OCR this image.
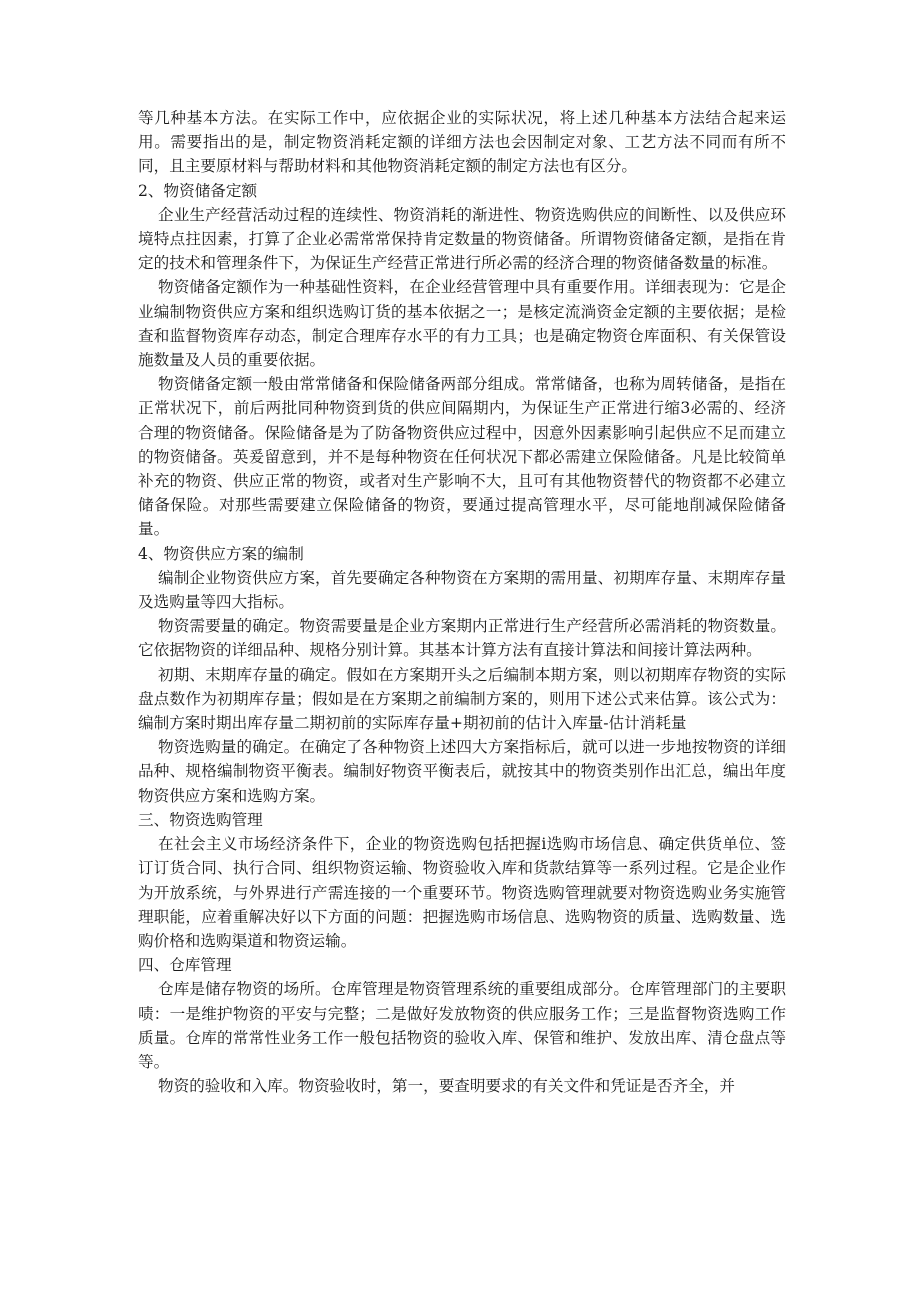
等几种基本方法。在实际工作中，应依据企业的实际状况，将上述几种基本方法结合起来运用。需要指出的是，制定物资消耗定额的详细方法也会因制定对象、工艺方法不同而有所不同，且主要原材料与帮助材料和其他物资消耗定额的制定方法也有区分。

2、物资储备定额

企业生产经营活动过程的连续性、物资消耗的渐进性、物资选购供应的间断性、以及供应环境特点拄因素，打算了企业必需常常保持肯定数量的物资储备。所谓物资储备定额，是指在肯定的技术和管理条件下，为保证生产经营正常进行所必需的经济合理的物资储备数量的标准。

物资储备定额作为一种基础性资料，在企业经营管理中具有重要作用。详细表现为：它是企业编制物资供应方案和组织选购订货的基本依据之一；是核定流淌资金定额的主要依据；是检查和监督物资库存动态，制定合理库存水平的有力工具；也是确定物资仓库面积、有关保管设施数量及人员的重要依据。

物资储备定额一般由常常储备和保险储备两部分组成。常常储备，也称为周转储备，是指在正常状况下，前后两批同种物资到货的供应间隔期内，为保证生产正常进行缩3必需的、经济合理的物资储备。保险储备是为了防备物资供应过程中，因意外因素影响引起供应不足而建立的物资储备。英爰留意到，并不是每种物资在任何状况下都必需建立保险储备。凡是比较简单补充的物资、供应正常的物资，或者对生产影响不大，且可有其他物资替代的物资都不必建立储备保险。对那些需要建立保险储备的物资，要通过提高管理水平，尽可能地削减保险储备量。

4、物资供应方案的编制

编制企业物资供应方案，首先要确定各种物资在方案期的需用量、初期库存量、末期库存量及选购量等四大指标。

物资需要量的确定。物资需要量是企业方案期内正常进行生产经营所必需消耗的物资数量。它依据物资的详细品种、规格分别计算。其基本计算方法有直接计算法和间接计算法两种。

初期、末期库存量的确定。假如在方案期开头之后编制本期方案，则以初期库存物资的实际盘点数作为初期库存量；假如是在方案期之前编制方案的，则用下述公式来估算。该公式为：编制方案时期出库存量二期初前的实际库存量+期初前的估计入库量-估计消耗量

物资选购量的确定。在确定了各种物资上述四大方案指标后，就可以进一步地按物资的详细品种、规格编制物资平衡表。编制好物资平衡表后，就按其中的物资类别作出汇总，编出年度物资供应方案和选购方案。

三、物资选购管理

在社会主义市场经济条件下，企业的物资选购包括把握i选购市场信息、确定供货单位、签订订货合同、执行合同、组织物资运输、物资验收入库和货款结算等一系列过程。它是企业作为开放系统，与外界进行产需连接的一个重要环节。物资选购管理就要对物资选购业务实施管理职能，应着重解决好以下方面的问题：把握选购市场信息、选购物资的质量、选购数量、选购价格和选购渠道和物资运输。

四、仓库管理

仓库是储存物资的场所。仓库管理是物资管理系统的重要组成部分。仓库管理部门的主要职啧：一是维护物资的平安与完整；二是做好发放物资的供应服务工作；三是监督物资选购工作质量。仓库的常常性业务工作一般包括物资的验收入库、保管和维护、发放出库、清仓盘点等等。

物资的验收和入库。物资验收时，第一，要查明要求的有关文件和凭证是否齐全，并
